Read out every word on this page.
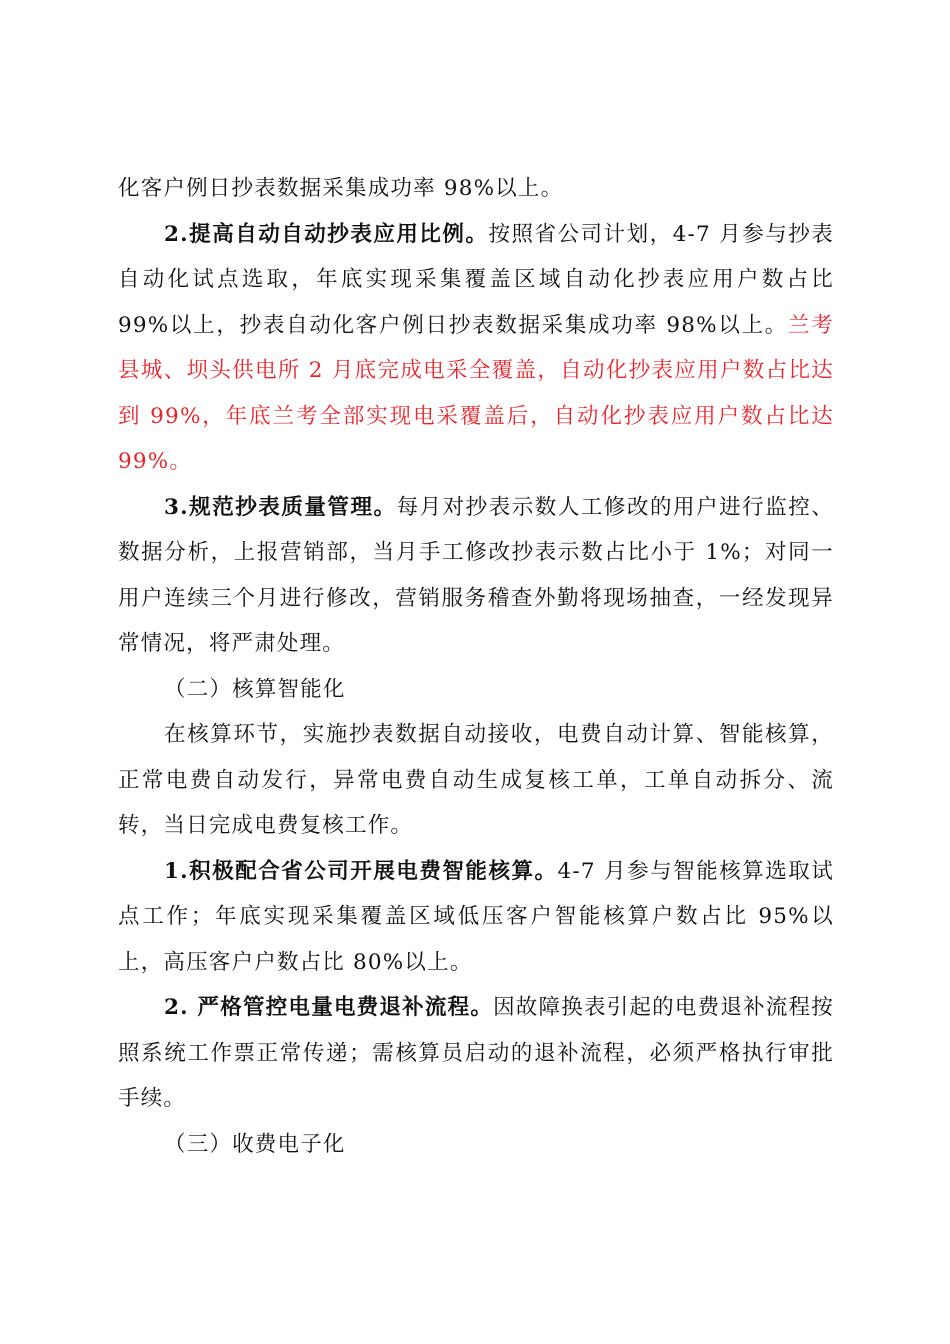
化客户例日抄表数据采集成功率 98%以上。

2.提高自动自动抄表应用比例。按照省公司计划，4-7 月参与抄表自动化试点选取，年底实现采集覆盖区域自动化抄表应用户数占比 99%以上，抄表自动化客户例日抄表数据采集成功率 98%以上。兰考县城、坝头供电所 2 月底完成电采全覆盖，自动化抄表应用户数占比达到 99%，年底兰考全部实现电采覆盖后，自动化抄表应用户数占比达 99%。

3.规范抄表质量管理。每月对抄表示数人工修改的用户进行监控、数据分析，上报营销部，当月手工修改抄表示数占比小于 1%；对同一用户连续三个月进行修改，营销服务稽查外勤将现场抽查，一经发现异常情况，将严肃处理。

（二）核算智能化

在核算环节，实施抄表数据自动接收，电费自动计算、智能核算，正常电费自动发行，异常电费自动生成复核工单，工单自动拆分、流转，当日完成电费复核工作。

1.积极配合省公司开展电费智能核算。4-7 月参与智能核算选取试点工作；年底实现采集覆盖区域低压客户智能核算户数占比 95%以上，高压客户户数占比 80%以上。

2. 严格管控电量电费退补流程。因故障换表引起的电费退补流程按照系统工作票正常传递；需核算员启动的退补流程，必须严格执行审批手续。

（三）收费电子化
